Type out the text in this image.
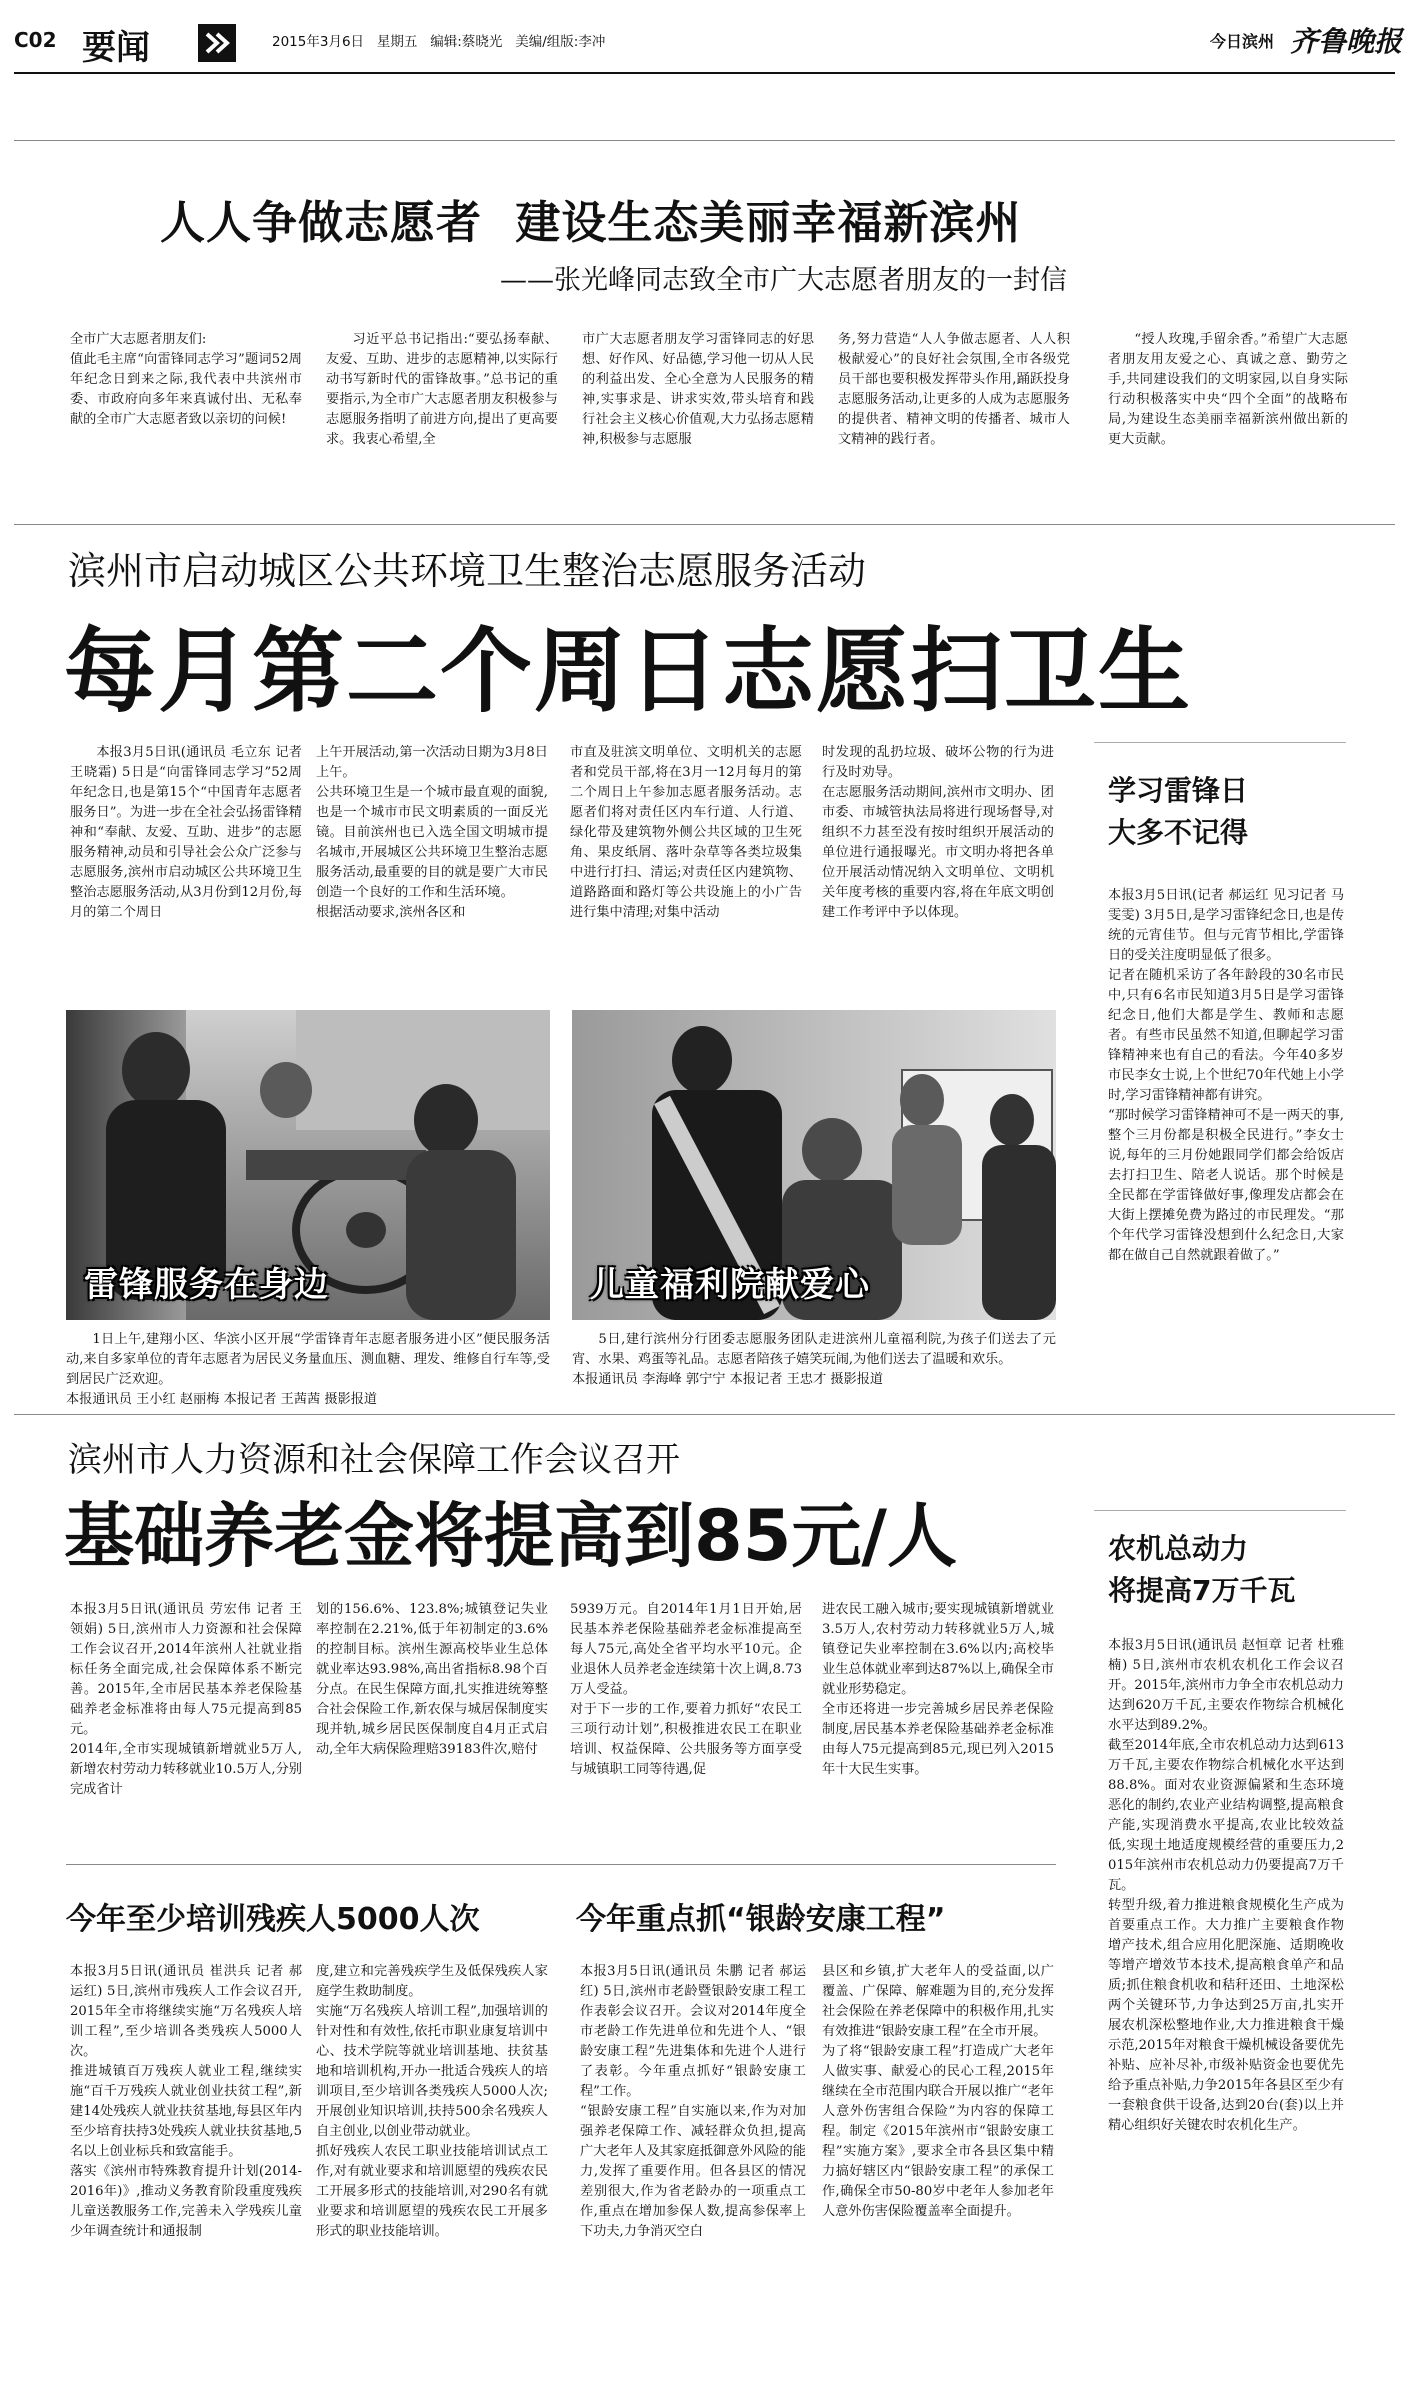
C02 要闻	2015年3月6日 星期五 编辑:蔡晓光 美编/组版:李冲	今日滨州 齐鲁晚报
人人争做志愿者  建设生态美丽幸福新滨州
——张光峰同志致全市广大志愿者朋友的一封信
全市广大志愿者朋友们:
值此毛主席“向雷锋同志学习”题词52周年纪念日到来之际,我代表中共滨州市委、市政府向多年来真诚付出、无私奉献的全市广大志愿者致以亲切的问候!
习近平总书记指出:“要弘扬奉献、友爱、互助、进步的志愿精神,以实际行动书写新时代的雷锋故事。”总书记的重要指示,为全市广大志愿者朋友积极参与志愿服务指明了前进方向,提出了更高要求。我衷心希望,全
市广大志愿者朋友学习雷锋同志的好思想、好作风、好品德,学习他一切从人民的利益出发、全心全意为人民服务的精神,实事求是、讲求实效,带头培育和践行社会主义核心价值观,大力弘扬志愿精神,积极参与志愿服
务,努力营造“人人争做志愿者、人人积极献爱心”的良好社会氛围,全市各级党员干部也要积极发挥带头作用,踊跃投身志愿服务活动,让更多的人成为志愿服务的提供者、精神文明的传播者、城市人文精神的践行者。
“授人玫瑰,手留余香。”希望广大志愿者朋友用友爱之心、真诚之意、勤劳之手,共同建设我们的文明家园,以自身实际行动积极落实中央“四个全面”的战略布局,为建设生态美丽幸福新滨州做出新的更大贡献。
滨州市启动城区公共环境卫生整治志愿服务活动
每月第二个周日志愿扫卫生
本报3月5日讯(通讯员 毛立东 记者 王晓霜) 5日是“向雷锋同志学习”52周年纪念日,也是第15个“中国青年志愿者服务日”。为进一步在全社会弘扬雷锋精神和“奉献、友爱、互助、进步”的志愿服务精神,动员和引导社会公众广泛参与志愿服务,滨州市启动城区公共环境卫生整治志愿服务活动,从3月份到12月份,每月的第二个周日
上午开展活动,第一次活动日期为3月8日上午。
公共环境卫生是一个城市最直观的面貌,也是一个城市市民文明素质的一面反光镜。目前滨州也已入选全国文明城市提名城市,开展城区公共环境卫生整治志愿服务活动,最重要的目的就是要广大市民创造一个良好的工作和生活环境。
根据活动要求,滨州各区和
市直及驻滨文明单位、文明机关的志愿者和党员干部,将在3月一12月每月的第二个周日上午参加志愿者服务活动。志愿者们将对责任区内车行道、人行道、绿化带及建筑物外侧公共区域的卫生死角、果皮纸屑、落叶杂草等各类垃圾集中进行打扫、清运;对责任区内建筑物、道路路面和路灯等公共设施上的小广告进行集中清理;对集中活动
时发现的乱扔垃圾、破坏公物的行为进行及时劝导。
在志愿服务活动期间,滨州市文明办、团市委、市城管执法局将进行现场督导,对组织不力甚至没有按时组织开展活动的单位进行通报曝光。市文明办将把各单位开展活动情况纳入文明单位、文明机关年度考核的重要内容,将在年底文明创建工作考评中予以体现。
雷锋服务在身边	儿童福利院献爱心

1日上午,建翔小区、华滨小区开展“学雷锋青年志愿者服务进小区”便民服务活动,来自多家单位的青年志愿者为居民义务量血压、测血糖、理发、维修自行车等,受到居民广泛欢迎。

本报通讯员 王小红 赵丽梅 本报记者 王茜茜 摄影报道

5日,建行滨州分行团委志愿服务团队走进滨州儿童福利院,为孩子们送去了元宵、水果、鸡蛋等礼品。志愿者陪孩子嬉笑玩闹,为他们送去了温暖和欢乐。

本报通讯员 李海峰 郭宁宁 本报记者 王忠才 摄影报道

学习雷锋日
大多不记得
本报3月5日讯(记者 郝运红 见习记者 马雯雯) 3月5日,是学习雷锋纪念日,也是传统的元宵佳节。但与元宵节相比,学雷锋日的受关注度明显低了很多。
记者在随机采访了各年龄段的30名市民中,只有6名市民知道3月5日是学习雷锋纪念日,他们大都是学生、教师和志愿者。有些市民虽然不知道,但聊起学习雷锋精神来也有自己的看法。今年40多岁市民李女士说,上个世纪70年代她上小学时,学习雷锋精神都有讲究。
“那时候学习雷锋精神可不是一两天的事,整个三月份都是积极全民进行。”李女士说,每年的三月份她跟同学们都会给饭店去打扫卫生、陪老人说话。那个时候是全民都在学雷锋做好事,像理发店都会在大街上摆摊免费为路过的市民理发。“那个年代学习雷锋没想到什么纪念日,大家都在做自己自然就跟着做了。”
滨州市人力资源和社会保障工作会议召开
基础养老金将提高到85元/人
本报3月5日讯(通讯员 劳宏伟 记者 王领娟) 5日,滨州市人力资源和社会保障工作会议召开,2014年滨州人社就业指标任务全面完成,社会保障体系不断完善。2015年,全市居民基本养老保险基础养老金标准将由每人75元提高到85元。
2014年,全市实现城镇新增就业5万人,新增农村劳动力转移就业10.5万人,分别完成省计
划的156.6%、123.8%;城镇登记失业率控制在2.21%,低于年初制定的3.6%的控制目标。滨州生源高校毕业生总体就业率达93.98%,高出省指标8.98个百分点。在民生保障方面,扎实推进统筹整合社会保险工作,新农保与城居保制度实现并轨,城乡居民医保制度自4月正式启动,全年大病保险理赔39183件次,赔付
5939万元。自2014年1月1日开始,居民基本养老保险基础养老金标准提高至每人75元,高处全省平均水平10元。企业退休人员养老金连续第十次上调,8.73万人受益。
对于下一步的工作,要着力抓好“农民工三项行动计划”,积极推进农民工在职业培训、权益保障、公共服务等方面享受与城镇职工同等待遇,促
进农民工融入城市;要实现城镇新增就业3.5万人,农村劳动力转移就业5万人,城镇登记失业率控制在3.6%以内;高校毕业生总体就业率到达87%以上,确保全市就业形势稳定。
全市还将进一步完善城乡居民养老保险制度,居民基本养老保险基础养老金标准由每人75元提高到85元,现已列入2015年十大民生实事。
农机总动力
将提高7万千瓦
本报3月5日讯(通讯员 赵恒章 记者 杜雅楠) 5日,滨州市农机农机化工作会议召开。2015年,滨州市力争全市农机总动力达到620万千瓦,主要农作物综合机械化水平达到89.2%。
截至2014年底,全市农机总动力达到613万千瓦,主要农作物综合机械化水平达到88.8%。面对农业资源偏紧和生态环境恶化的制约,农业产业结构调整,提高粮食产能,实现消费水平提高,农业比较效益低,实现土地适度规模经营的重要压力,2015年滨州市农机总动力仍要提高7万千瓦。
转型升级,着力推进粮食规模化生产成为首要重点工作。大力推广主要粮食作物增产技术,组合应用化肥深施、适期晚收等增产增效节本技术,提高粮食单产和品质;抓住粮食机收和秸秆还田、土地深松两个关键环节,力争达到25万亩,扎实开展农机深松整地作业,大力推进粮食干燥示范,2015年对粮食干燥机械设备要优先补贴、应补尽补,市级补贴资金也要优先给予重点补贴,力争2015年各县区至少有一套粮食供干设备,达到20台(套)以上并精心组织好关键农时农机化生产。
今年至少培训残疾人5000人次
本报3月5日讯(通讯员 崔洪兵 记者 郝运红) 5日,滨州市残疾人工作会议召开,2015年全市将继续实施“万名残疾人培训工程”,至少培训各类残疾人5000人次。
推进城镇百万残疾人就业工程,继续实施“百千万残疾人就业创业扶贫工程”,新建14处残疾人就业扶贫基地,每县区年内至少培育扶持3处残疾人就业扶贫基地,5名以上创业标兵和致富能手。
落实《滨州市特殊教育提升计划(2014-2016年)》,推动义务教育阶段重度残疾儿童送教服务工作,完善未入学残疾儿童少年调查统计和通报制
度,建立和完善残疾学生及低保残疾人家庭学生救助制度。
实施“万名残疾人培训工程”,加强培训的针对性和有效性,依托市职业康复培训中心、技术学院等就业培训基地、扶贫基地和培训机构,开办一批适合残疾人的培训项目,至少培训各类残疾人5000人次;开展创业知识培训,扶持500余名残疾人自主创业,以创业带动就业。
抓好残疾人农民工职业技能培训试点工作,对有就业要求和培训愿望的残疾农民工开展多形式的技能培训,对290名有就业要求和培训愿望的残疾农民工开展多形式的职业技能培训。
今年重点抓“银龄安康工程”
本报3月5日讯(通讯员 朱鹏 记者 郝运红) 5日,滨州市老龄暨银龄安康工程工作表彰会议召开。会议对2014年度全市老龄工作先进单位和先进个人、“银龄安康工程”先进集体和先进个人进行了表彰。今年重点抓好“银龄安康工程”工作。
“银龄安康工程”自实施以来,作为对加强养老保障工作、减轻群众负担,提高广大老年人及其家庭抵御意外风险的能力,发挥了重要作用。但各县区的情况差别很大,作为省老龄办的一项重点工作,重点在增加参保人数,提高参保率上下功夫,力争消灭空白
县区和乡镇,扩大老年人的受益面,以广覆盖、广保障、解难题为目的,充分发挥社会保险在养老保障中的积极作用,扎实有效推进“银龄安康工程”在全市开展。
为了将“银龄安康工程”打造成广大老年人做实事、献爱心的民心工程,2015年继续在全市范围内联合开展以推广“老年人意外伤害组合保险”为内容的保障工程。制定《2015年滨州市“银龄安康工程”实施方案》,要求全市各县区集中精力搞好辖区内“银龄安康工程”的承保工作,确保全市50-80岁中老年人参加老年人意外伤害保险覆盖率全面提升。
